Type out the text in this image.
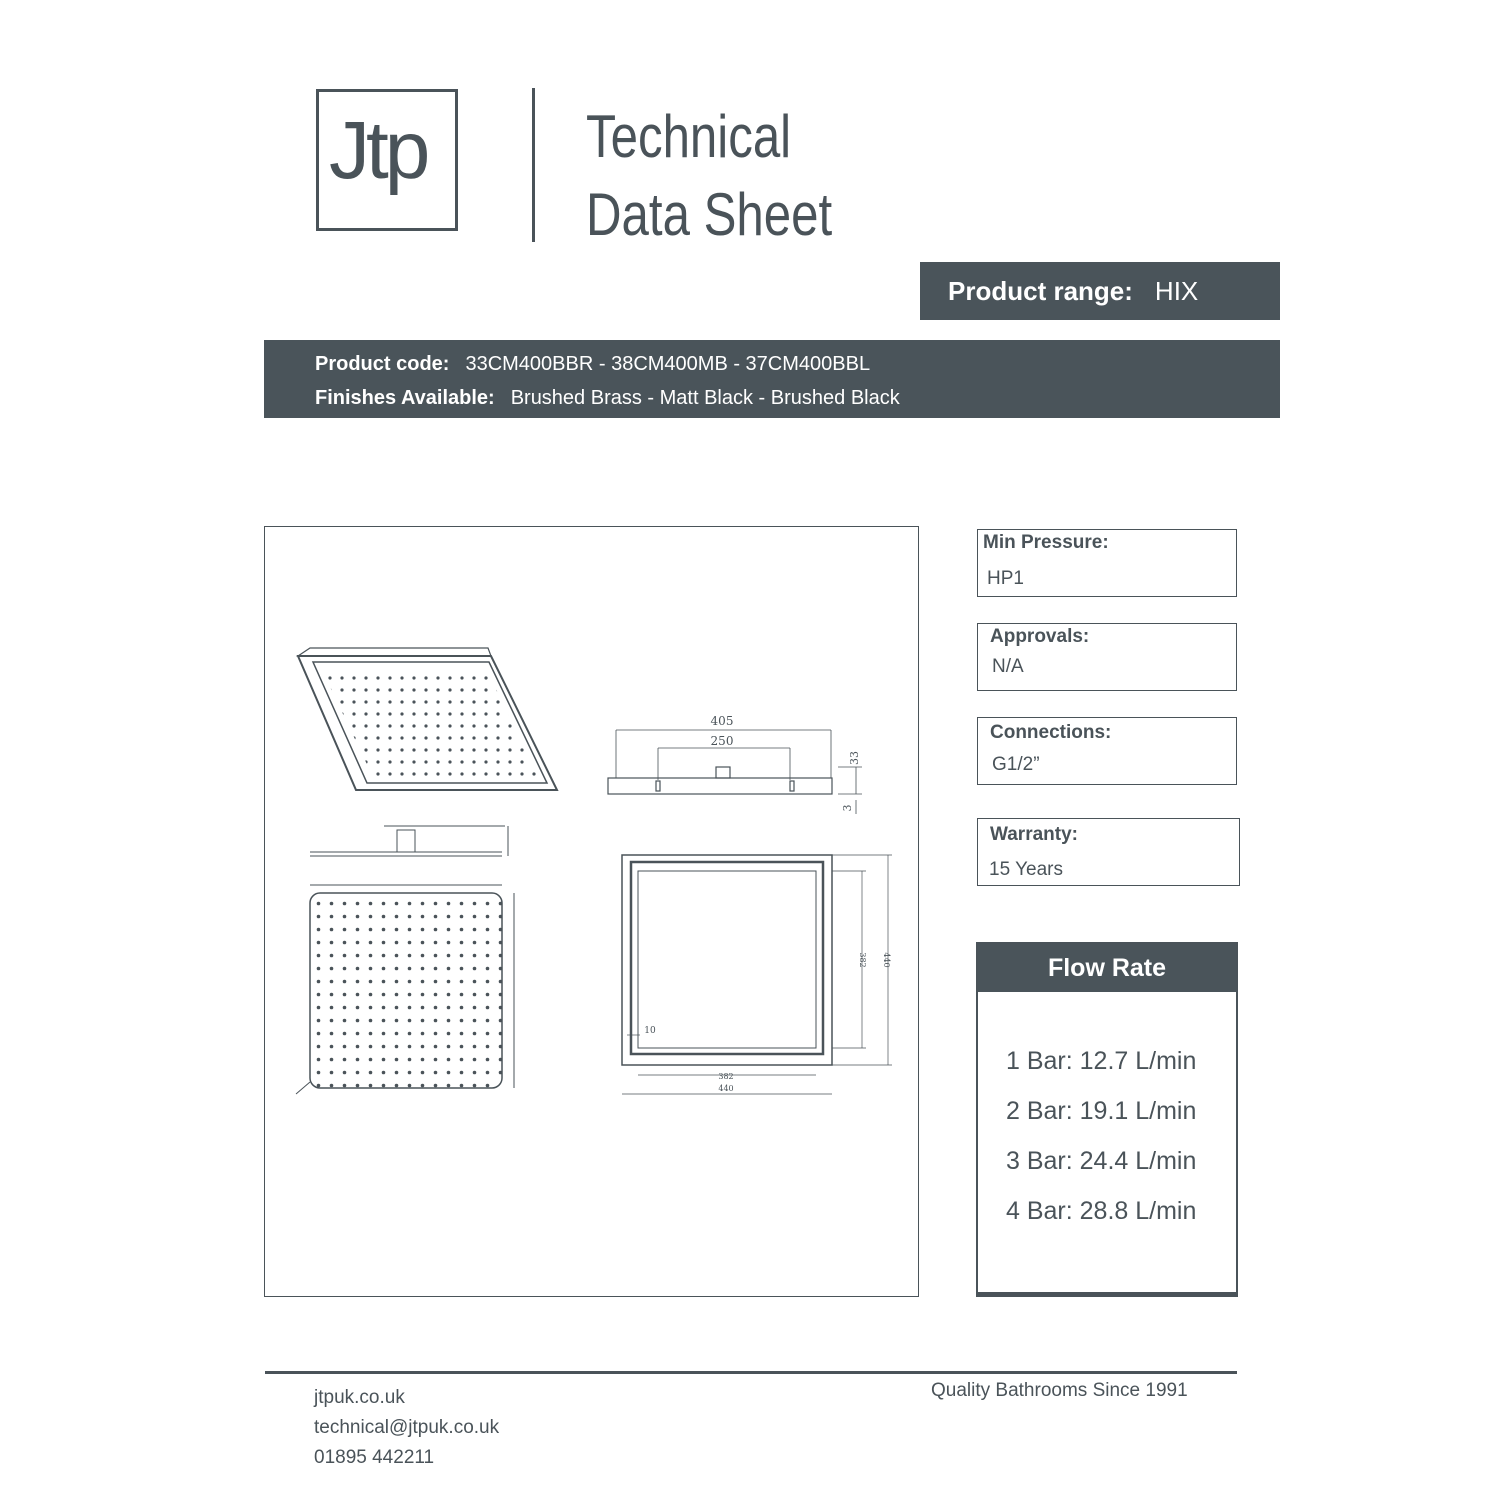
Jtp	Technical
Data Sheet
Product range: HIX
Product code: 33CM400BBR - 38CM400MB - 37CM400BBL
Finishes Available: Brushed Brass - Matt Black - Brushed Black
405
250
33
3
382 440
10
382
440
Min Pressure:
HP1
Approvals:
N/A
Connections:
G1/2”
Warranty:
15 Years
Flow Rate
1 Bar: 12.7 L/min
2 Bar: 19.1 L/min
3 Bar: 24.4 L/min
4 Bar: 28.8 L/min
jtpuk.co.uk
technical@jtpuk.co.uk
01895 442211
Quality Bathrooms Since 1991
